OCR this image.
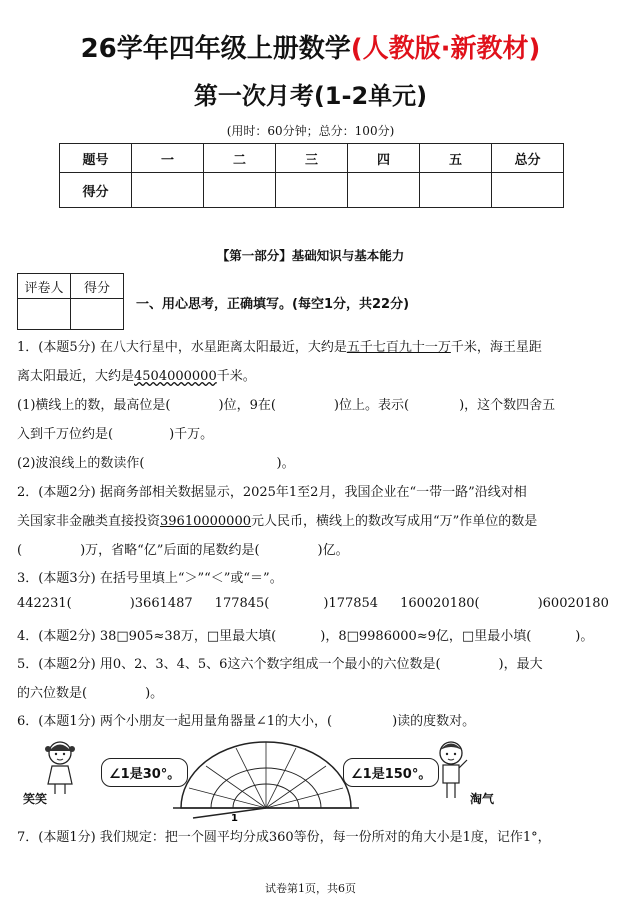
26学年四年级上册数学(人教版·新教材)
第一次月考(1-2单元)
(用时：60分钟；总分：100分)
题号	一	二	三	四	五	总分
得分						
【第一部分】基础知识与基本能力
评卷人	得分

一、用心思考，正确填写。(每空1分，共22分)
1．(本题5分) 在八大行星中，水星距离太阳最近，大约是五千七百九十一万千米，海王星距
离太阳最近，大约是4504000000千米。
(1)横线上的数，最高位是(	)位，9在(	)位上。表示(	)，这个数四舍五
入到千万位约是(	)千万。
(2)波浪线上的数读作(	)。
2．(本题2分) 据商务部相关数据显示，2025年1至2月，我国企业在“一带一路”沿线对相
关国家非金融类直接投资39610000000元人民币，横线上的数改写成用“万”作单位的数是
(	)万，省略“亿”后面的尾数约是(	)亿。
3．(本题3分) 在括号里填上“＞”“＜”或“＝”。
442231(	)3661487 177845(	)177854 160020180(	)60020180
4．(本题2分) 38□905≈38万，□里最大填(	)，8□9986000≈9亿，□里最小填(	)。
5．(本题2分) 用0、2、3、4、5、6这六个数字组成一个最小的六位数是(	)，最大
的六位数是(	)。
6．(本题1分) 两个小朋友一起用量角器量∠1的大小，(	)读的度数对。
笑笑
∠1是30°。
1
∠1是150°。
淘气
7．(本题1分) 我们规定：把一个圆平均分成360等份，每一份所对的角大小是1度，记作1°，
试卷第1页，共6页
